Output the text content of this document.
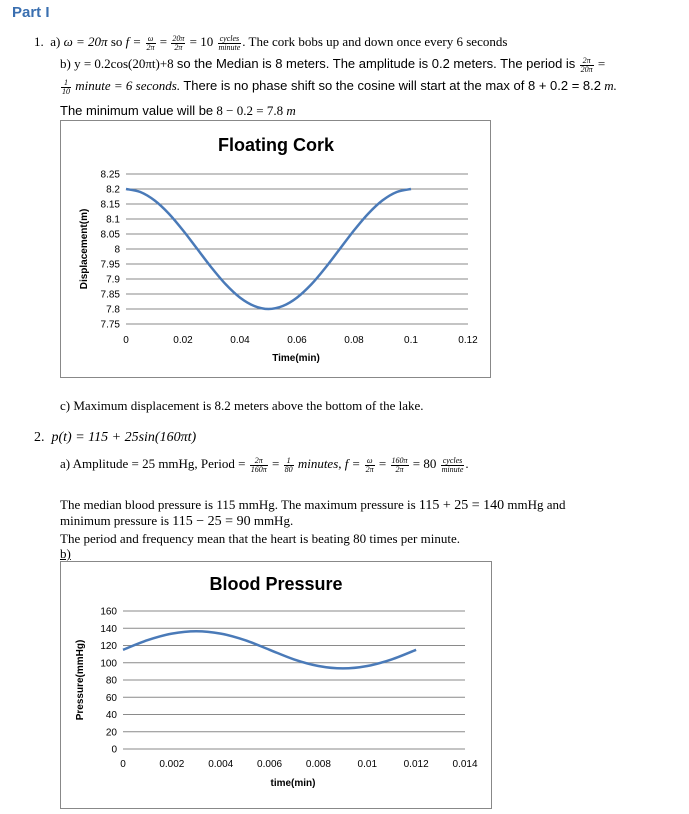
Part I
1. a) ω = 20π so $f = \frac{\omega}{2\pi} = \frac{20\pi}{2\pi} = 10 \frac{\text{cycles}}{\text{minute}}$ . The cork bobs up and down once every 6 seconds
b) y = 0.2cos(20πt)+8 so the Median is 8 meters. The amplitude is 0.2 meters. The period is $\frac{2\pi}{20\pi}$ =
$\frac{1}{10}$ minute = 6 seconds. There is no phase shift so the cosine will start at the max of 8 + 0.2 = 8.2 m.
The minimum value will be 8 − 0.2 = 7.8 m
7.75
7.8
7.85
7.9
7.95
8
8.05
8.1
8.15
8.2
8.25
0	0.02	0.04	0.06	0.08	0.1	0.12
Floating Cork
Time(min)
Displacement(m)
c) Maximum displacement is 8.2 meters above the bottom of the lake.
2. p(t) = 115 + 25sin(160πt)
a) Amplitude = 25 mmHg, Period = $\frac{2\pi}{160\pi} = \frac{1}{80}$ minutes, $f = \frac{\omega}{2\pi} = \frac{160\pi}{2\pi} = 80 \frac{\text{cycles}}{\text{minute}}$ .
The median blood pressure is 115 mmHg. The maximum pressure is 115 + 25 = 140 mmHg and
minimum pressure is 115 − 25 = 90 mmHg.
The period and frequency mean that the heart is beating 80 times per minute.
b)
0
20
40
60
80
100
120
140
160
0	0.002 0.004 0.006 0.008	0.01	0.012 0.014
Blood Pressure
time(min)
Pressure(mmHg)
